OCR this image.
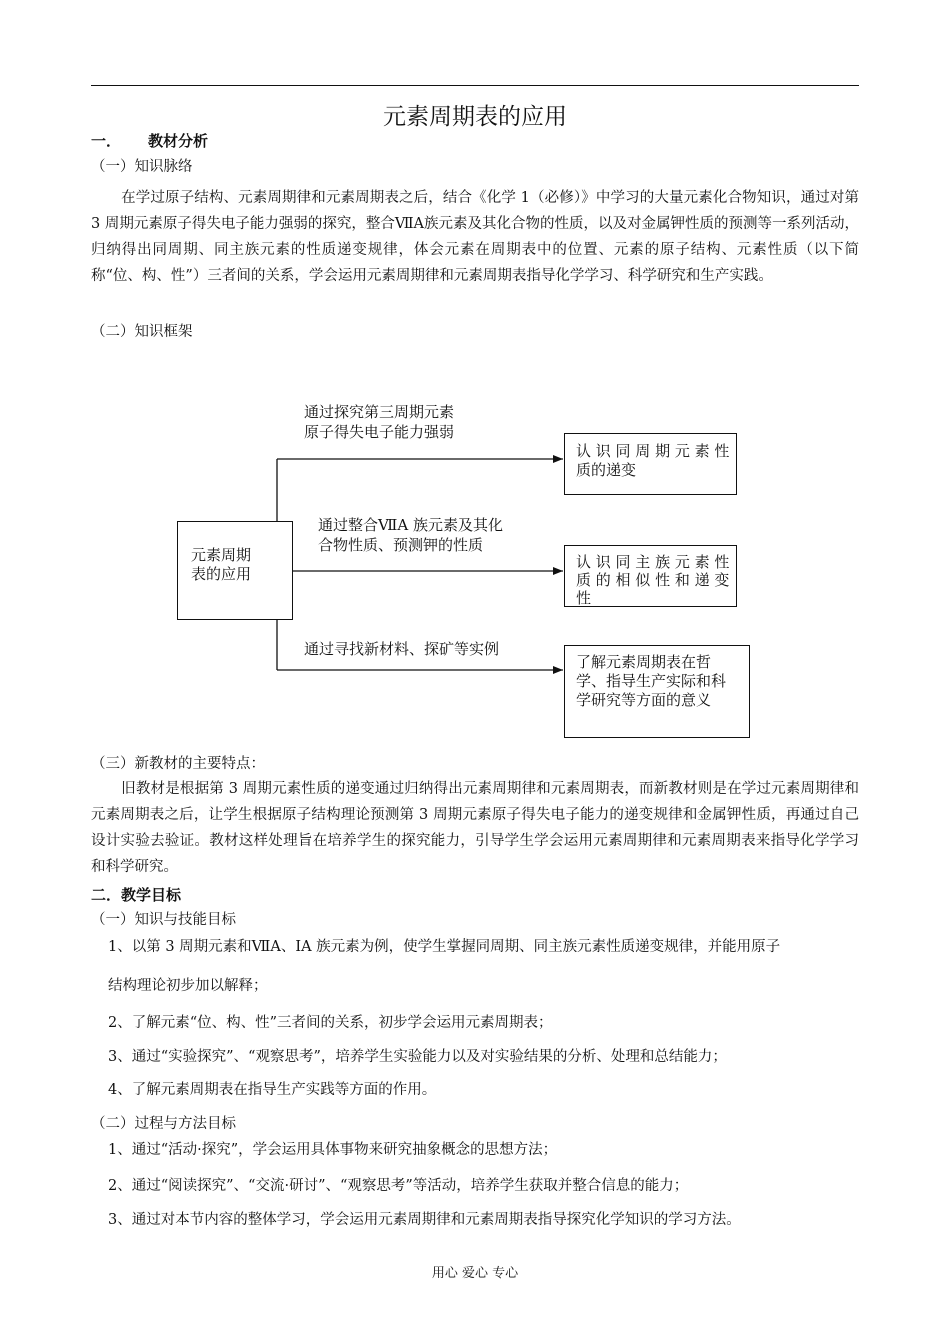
元素周期表的应用
一． 教材分析
（一）知识脉络
在学过原子结构、元素周期律和元素周期表之后，结合《化学 1（必修）》中学习的大量元素化合物知识，通过对第 3 周期元素原子得失电子能力强弱的探究，整合ⅦA族元素及其化合物的性质，以及对金属钾性质的预测等一系列活动，归纳得出同周期、同主族元素的性质递变规律，体会元素在周期表中的位置、元素的原子结构、元素性质（以下简称“位、构、性”）三者间的关系，学会运用元素周期律和元素周期表指导化学学习、科学研究和生产实践。
（二）知识框架
元素周期
表的应用
通过探究第三周期元素
原子得失电子能力强弱
通过整合ⅦA 族元素及其化
合物性质、预测钾的性质
通过寻找新材料、探矿等实例
认 识 同 周 期 元 素 性
质的递变
认 识 同 主 族 元 素 性
质 的 相 似 性 和 递 变
性
了解元素周期表在哲
学、指导生产实际和科
学研究等方面的意义
（三）新教材的主要特点：
旧教材是根据第 3 周期元素性质的递变通过归纳得出元素周期律和元素周期表，而新教材则是在学过元素周期律和元素周期表之后，让学生根据原子结构理论预测第 3 周期元素原子得失电子能力的递变规律和金属钾性质，再通过自己设计实验去验证。教材这样处理旨在培养学生的探究能力，引导学生学会运用元素周期律和元素周期表来指导化学学习和科学研究。
二．教学目标
（一）知识与技能目标
1、以第 3 周期元素和ⅦA、ⅠA 族元素为例，使学生掌握同周期、同主族元素性质递变规律，并能用原子
结构理论初步加以解释；
2、了解元素“位、构、性”三者间的关系，初步学会运用元素周期表；
3、通过“实验探究”、“观察思考”，培养学生实验能力以及对实验结果的分析、处理和总结能力；
4、了解元素周期表在指导生产实践等方面的作用。
（二）过程与方法目标
1、通过“活动·探究”，学会运用具体事物来研究抽象概念的思想方法；
2、通过“阅读探究”、“交流·研讨”、“观察思考”等活动，培养学生获取并整合信息的能力；
3、通过对本节内容的整体学习，学会运用元素周期律和元素周期表指导探究化学知识的学习方法。
用心 爱心 专心
